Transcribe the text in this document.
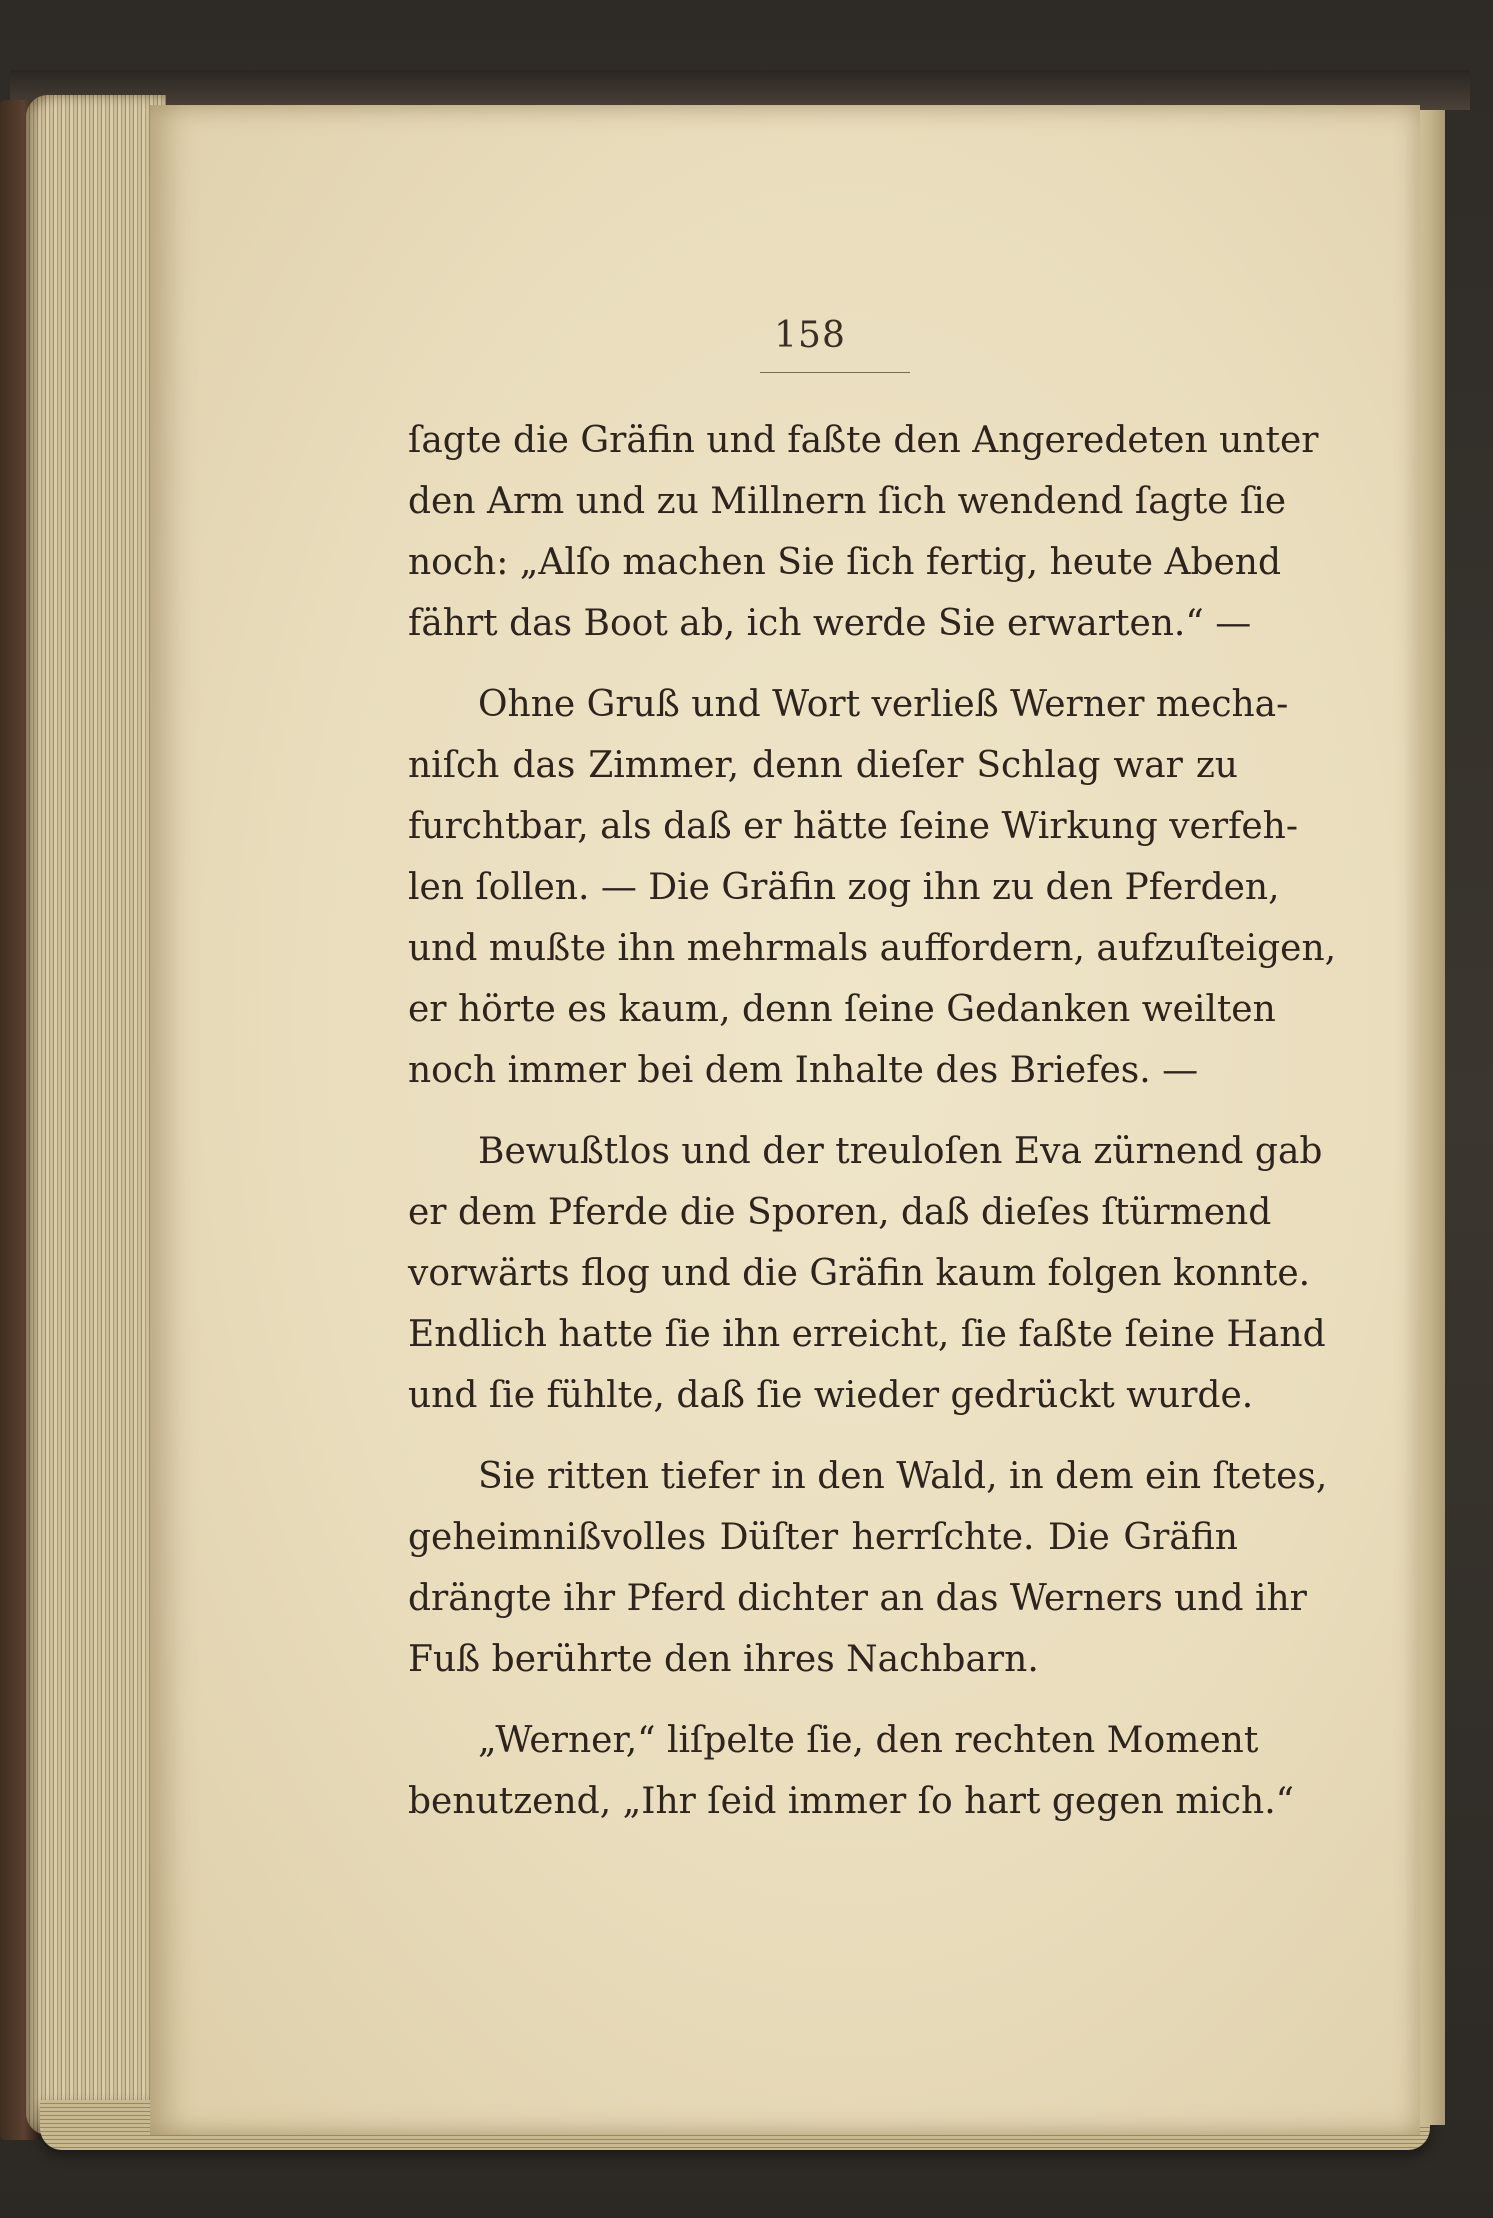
158
ſagte die Gräfin und faßte den Angeredeten unter
den Arm und zu Millnern ſich wendend ſagte ſie
noch: „Alſo machen Sie ſich fertig, heute Abend
fährt das Boot ab, ich werde Sie erwarten.“ —
Ohne Gruß und Wort verließ Werner mecha-
niſch das Zimmer, denn dieſer Schlag war zu
furchtbar, als daß er hätte ſeine Wirkung verfeh-
len ſollen. — Die Gräfin zog ihn zu den Pferden,
und mußte ihn mehrmals auffordern, aufzuſteigen,
er hörte es kaum, denn ſeine Gedanken weilten
noch immer bei dem Inhalte des Briefes. —
Bewußtlos und der treuloſen Eva zürnend gab
er dem Pferde die Sporen, daß dieſes ſtürmend
vorwärts flog und die Gräfin kaum folgen konnte.
Endlich hatte ſie ihn erreicht, ſie faßte ſeine Hand
und ſie fühlte, daß ſie wieder gedrückt wurde.
Sie ritten tiefer in den Wald, in dem ein ſtetes,
geheimnißvolles Düſter herrſchte. Die Gräfin
drängte ihr Pferd dichter an das Werners und ihr
Fuß berührte den ihres Nachbarn.
„Werner,“ liſpelte ſie, den rechten Moment
benutzend, „Ihr ſeid immer ſo hart gegen mich.“
